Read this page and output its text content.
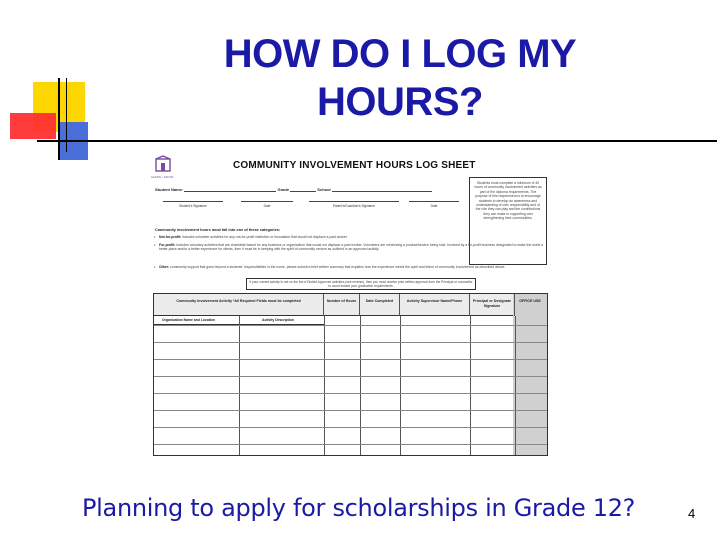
HOW DO I LOG MY
HOURS?
LEARN • GROW
COMMUNITY INVOLVEMENT HOURS LOG SHEET
Students must complete a minimum of 40 hours of community involvement activities as part of the diploma requirements. The purpose of this requirement is to encourage students to develop an awareness and understanding of civic responsibility and of the role they can play and the contributions they can make in supporting and strengthening their communities.
Student Name:	Grade	School
Student's Signature	Date	Parent's/Guardian's Signature	Date
Community involvement hours must fall into one of these categories:
• Not-for-profit: includes volunteer activities for any not-for-profit institution or foundation that would not displace a paid worker.
• For-profit: includes voluntary activities that are charitable-based for any business or organization that would not displace a paid worker. Volunteers are minimizing a product/service being sold. Involved by a for-profit business designated to make the world a better place and/or a better experience for clients, then it must be in keeping with the spirit of community service as outlined in an approved activity.
• Other: community support that goes beyond a students' responsibilities in the home, please submit a brief written summary that explains how the experience meets the spirit and intent of community involvement as described above.
If your current activity is not on the list of District Approved activities (see reverse), then you must receive prior written approval from the Principal or counsellor to count toward your graduation requirements.
Community Involvement Activity *All Required Fields must be completed	Number of Hours	Date Completed	Activity Supervisor Name/Phone	Principal or Designate Signature
OFFICE USE
Organization Name and Location	Activity Description
Planning to apply for scholarships in Grade 12?	4
